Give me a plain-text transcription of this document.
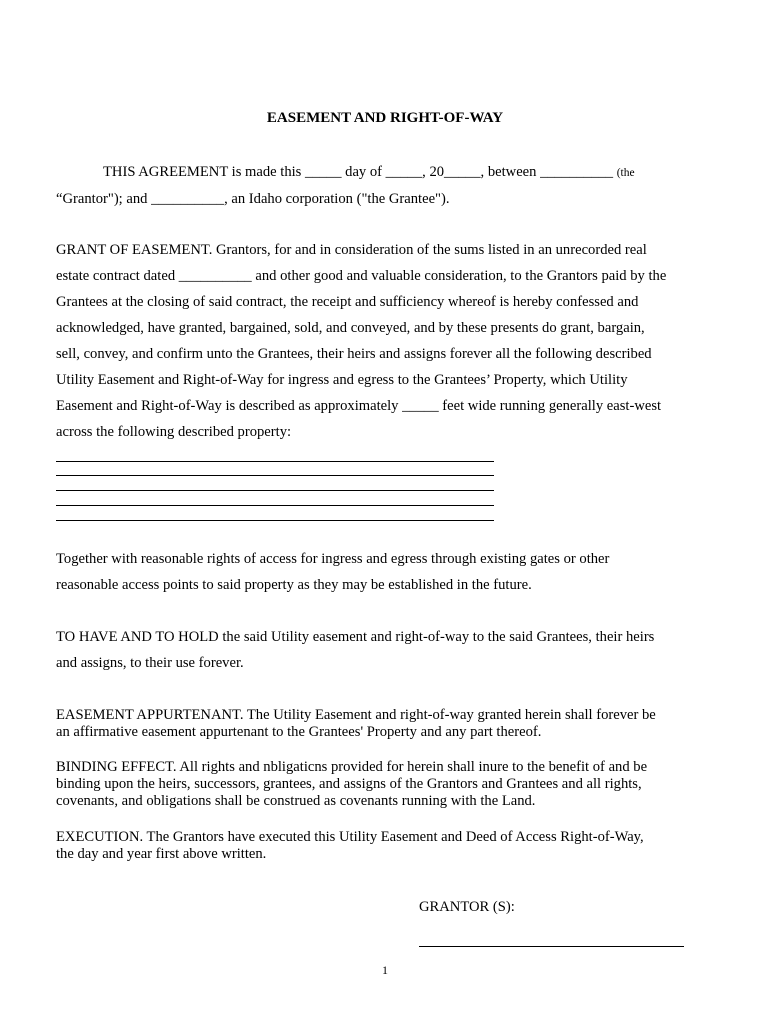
EASEMENT AND RIGHT-OF-WAY
THIS AGREEMENT is made this _____ day of _____, 20_____, between __________ (the
“Grantor"); and __________, an Idaho corporation ("the Grantee").
GRANT OF EASEMENT. Grantors, for and in consideration of the sums listed in an unrecorded real
estate contract dated __________ and other good and valuable consideration, to the Grantors paid by the
Grantees at the closing of said contract, the receipt and sufficiency whereof is hereby confessed and
acknowledged, have granted, bargained, sold, and conveyed, and by these presents do grant, bargain,
sell, convey, and confirm unto the Grantees, their heirs and assigns forever all the following described
Utility Easement and Right-of-Way for ingress and egress to the Grantees’ Property, which Utility
Easement and Right-of-Way is described as approximately _____ feet wide running generally east-west
across the following described property:
Together with reasonable rights of access for ingress and egress through existing gates or other
reasonable access points to said property as they may be established in the future.
TO HAVE AND TO HOLD the said Utility easement and right-of-way to the said Grantees, their heirs
and assigns, to their use forever.
EASEMENT APPURTENANT. The Utility Easement and right-of-way granted herein shall forever be
an affirmative easement appurtenant to the Grantees' Property and any part thereof.
BINDING EFFECT. All rights and nbligaticns provided for herein shall inure to the benefit of and be
binding upon the heirs, successors, grantees, and assigns of the Grantors and Grantees and all rights,
covenants, and obligations shall be construed as covenants running with the Land.
EXECUTION. The Grantors have executed this Utility Easement and Deed of Access Right-of-Way,
the day and year first above written.
GRANTOR (S):
1
